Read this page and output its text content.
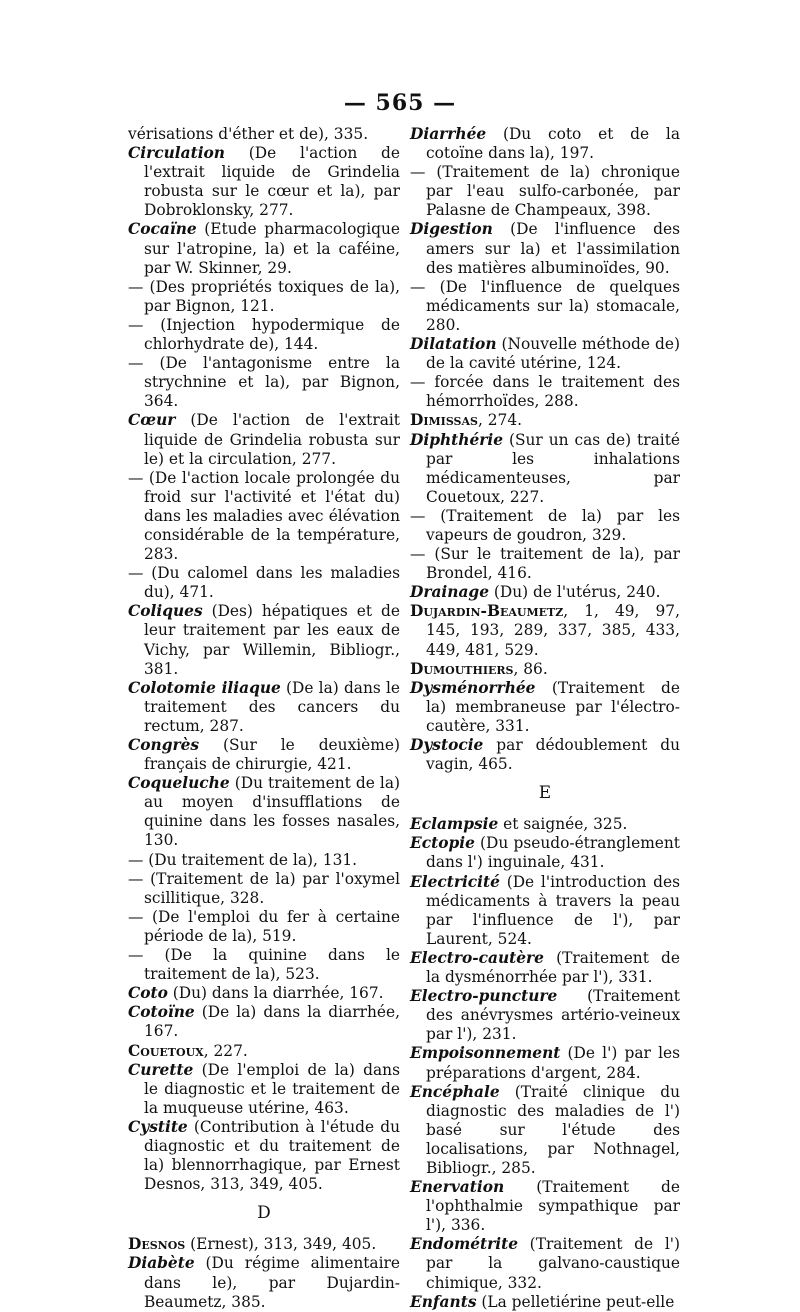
— 565 —

vérisations d'éther et de), 335.

Circulation (De l'action de l'extrait liquide de Grindelia robusta sur le cœur et la), par Dobroklonsky, 277.

Cocaïne (Etude pharmacologique sur l'atropine, la) et la caféine, par W. Skinner, 29.

— (Des propriétés toxiques de la), par Bignon, 121.

— (Injection hypodermique de chlorhydrate de), 144.

— (De l'antagonisme entre la strychnine et la), par Bignon, 364.

Cœur (De l'action de l'extrait liquide de Grindelia robusta sur le) et la circulation, 277.

— (De l'action locale prolongée du froid sur l'activité et l'état du) dans les maladies avec élévation considérable de la température, 283.

— (Du calomel dans les maladies du), 471.

Coliques (Des) hépatiques et de leur traitement par les eaux de Vichy, par Willemin, Bibliogr., 381.

Colotomie iliaque (De la) dans le traitement des cancers du rectum, 287.

Congrès (Sur le deuxième) français de chirurgie, 421.

Coqueluche (Du traitement de la) au moyen d'insufflations de quinine dans les fosses nasales, 130.

— (Du traitement de la), 131.

— (Traitement de la) par l'oxymel scillitique, 328.

— (De l'emploi du fer à certaine période de la), 519.

— (De la quinine dans le traitement de la), 523.

Coto (Du) dans la diarrhée, 167.

Cotoïne (De la) dans la diarrhée, 167.

Couetoux, 227.

Curette (De l'emploi de la) dans le diagnostic et le traitement de la muqueuse utérine, 463.

Cystite (Contribution à l'étude du diagnostic et du traitement de la) blennorrhagique, par Ernest Desnos, 313, 349, 405.

D

Desnos (Ernest), 313, 349, 405.

Diabète (Du régime alimentaire dans le), par Dujardin-Beaumetz, 385.

Diarrhée (Du coto et de la cotoïne dans la), 197.

— (Traitement de la) chronique par l'eau sulfo-carbonée, par Palasne de Champeaux, 398.

Digestion (De l'influence des amers sur la) et l'assimilation des matières albuminoïdes, 90.

— (De l'influence de quelques médicaments sur la) stomacale, 280.

Dilatation (Nouvelle méthode de) de la cavité utérine, 124.

— forcée dans le traitement des hémorrhoïdes, 288.

Dimissas, 274.

Diphthérie (Sur un cas de) traité par les inhalations médicamenteuses, par Couetoux, 227.

— (Traitement de la) par les vapeurs de goudron, 329.

— (Sur le traitement de la), par Brondel, 416.

Drainage (Du) de l'utérus, 240.

Dujardin-Beaumetz, 1, 49, 97, 145, 193, 289, 337, 385, 433, 449, 481, 529.

Dumouthiers, 86.

Dysménorrhée (Traitement de la) membraneuse par l'électro-cautère, 331.

Dystocie par dédoublement du vagin, 465.

E

Eclampsie et saignée, 325.

Ectopie (Du pseudo-étranglement dans l') inguinale, 431.

Electricité (De l'introduction des médicaments à travers la peau par l'influence de l'), par Laurent, 524.

Electro-cautère (Traitement de la dysménorrhée par l'), 331.

Electro-puncture (Traitement des anévrysmes artério-veineux par l'), 231.

Empoisonnement (De l') par les préparations d'argent, 284.

Encéphale (Traité clinique du diagnostic des maladies de l') basé sur l'étude des localisations, par Nothnagel, Bibliogr., 285.

Enervation (Traitement de l'ophthalmie sympathique par l'), 336.

Endométrite (Traitement de l') par la galvano-caustique chimique, 332.

Enfants (La pelletiérine peut-elle
